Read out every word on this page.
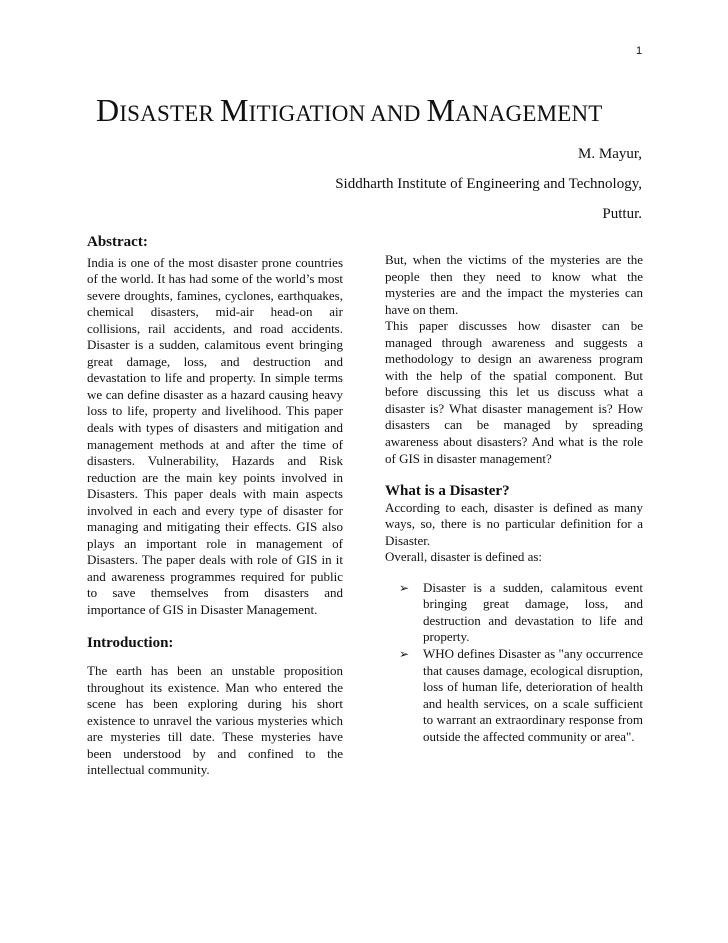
1
DISASTER MITIGATION AND MANAGEMENT

M. Mayur,

Siddharth Institute of Engineering and Technology,

Puttur.

Abstract:

India is one of the most disaster prone countries of the world. It has had some of the world’s most severe droughts, famines, cyclones, earthquakes, chemical disasters, mid-air head-on air collisions, rail accidents, and road accidents. Disaster is a sudden, calamitous event bringing great damage, loss, and destruction and devastation to life and property. In simple terms we can define disaster as a hazard causing heavy loss to life, property and livelihood. This paper deals with types of disasters and mitigation and management methods at and after the time of disasters. Vulnerability, Hazards and Risk reduction are the main key points involved in Disasters. This paper deals with main aspects involved in each and every type of disaster for managing and mitigating their effects. GIS also plays an important role in management of Disasters. The paper deals with role of GIS in it and awareness programmes required for public to save themselves from disasters and importance of GIS in Disaster Management.

Introduction:

The earth has been an unstable proposition throughout its existence. Man who entered the scene has been exploring during his short existence to unravel the various mysteries which are mysteries till date. These mysteries have been understood by and confined to the intellectual community.

But, when the victims of the mysteries are the people then they need to know what the mysteries are and the impact the mysteries can have on them.

This paper discusses how disaster can be managed through awareness and suggests a methodology to design an awareness program with the help of the spatial component. But before discussing this let us discuss what a disaster is? What disaster management is? How disasters can be managed by spreading awareness about disasters? And what is the role of GIS in disaster management?

What is a Disaster?

According to each, disaster is defined as many ways, so, there is no particular definition for a Disaster.

Overall, disaster is defined as:

➢ Disaster is a sudden, calamitous event bringing great damage, loss, and destruction and devastation to life and property.
➢ WHO defines Disaster as "any occurrence that causes damage, ecological disruption, loss of human life, deterioration of health and health services, on a scale sufficient to warrant an extraordinary response from outside the affected community or area".
